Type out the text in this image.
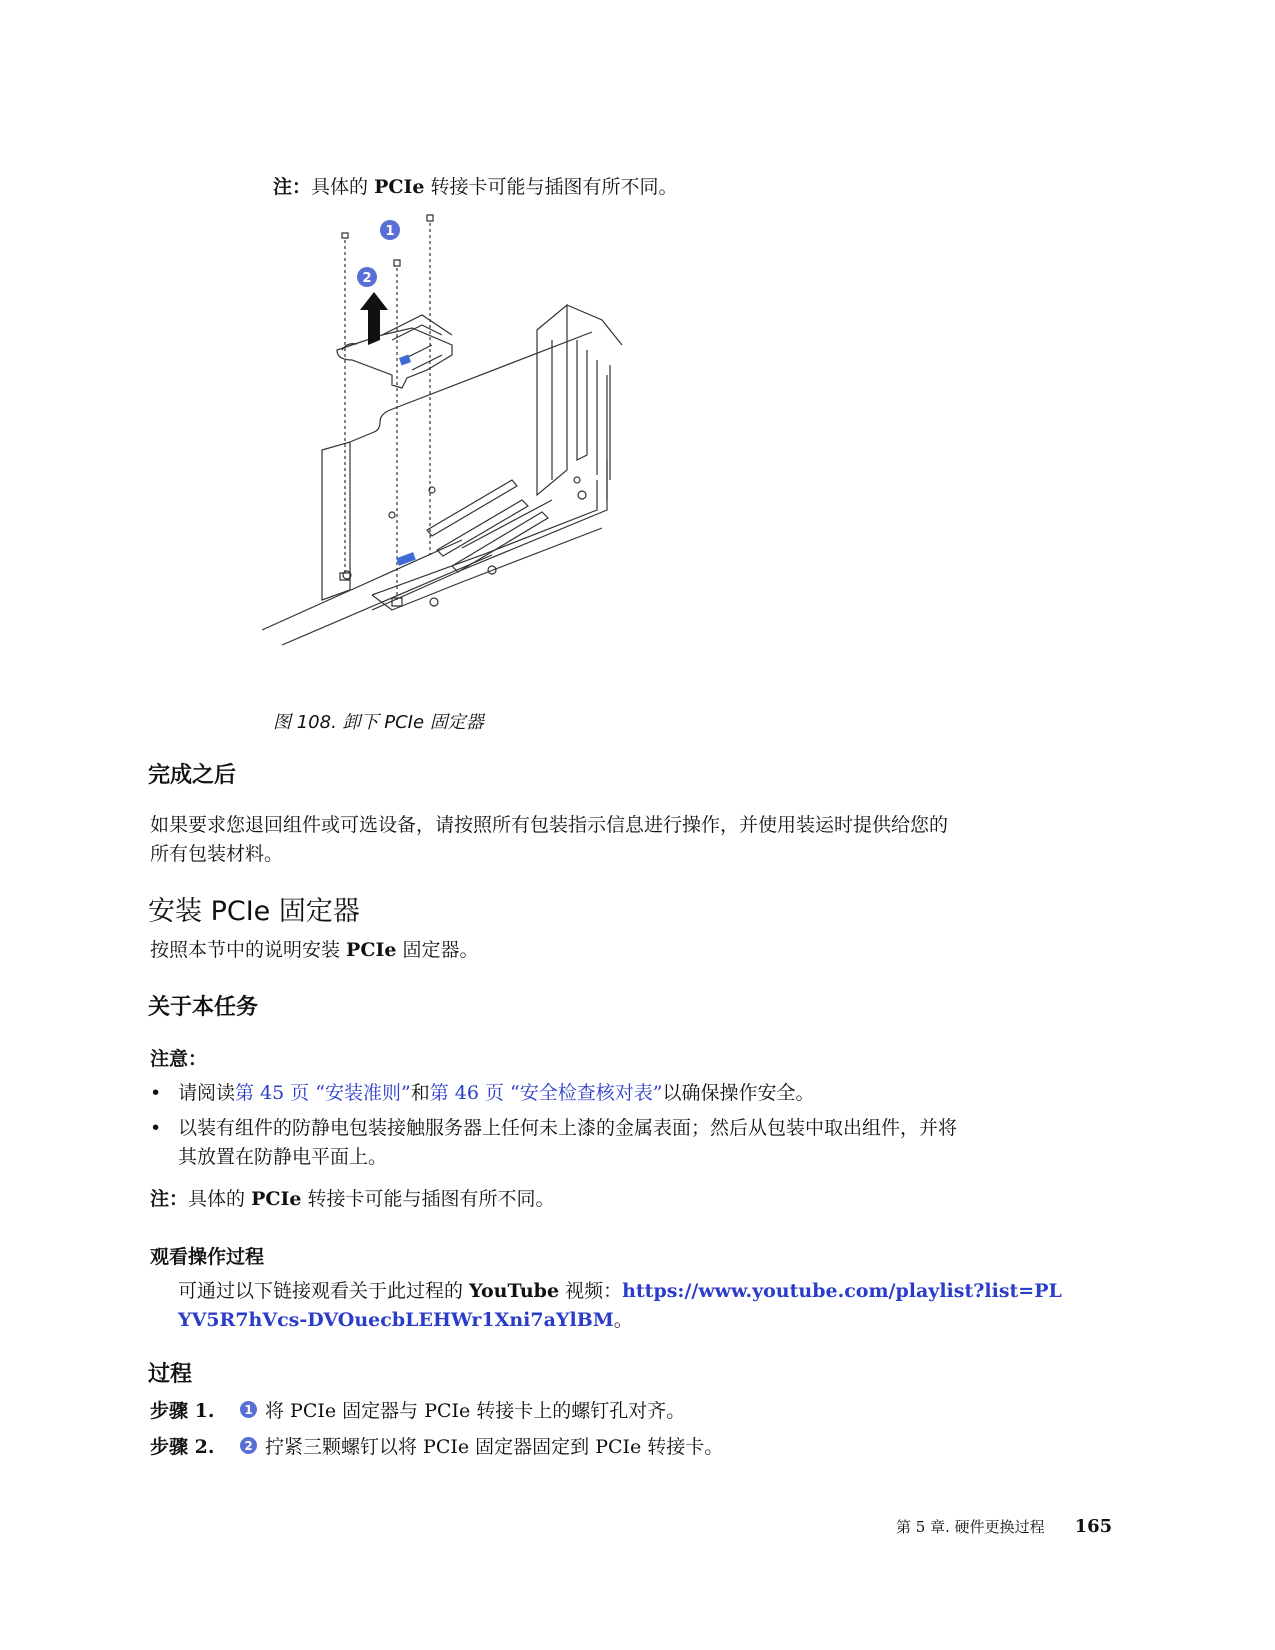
注：具体的 PCIe 转接卡可能与插图有所不同。
1
2
图 108. 卸下 PCIe 固定器
完成之后
如果要求您退回组件或可选设备，请按照所有包装指示信息进行操作，并使用装运时提供给您的
所有包装材料。
安装 PCIe 固定器
按照本节中的说明安装 PCIe 固定器。
关于本任务
注意：
• 请阅读第 45 页 “安装准则”和第 46 页 “安全检查核对表”以确保操作安全。
• 以装有组件的防静电包装接触服务器上任何未上漆的金属表面；然后从包装中取出组件，并将
其放置在防静电平面上。
注：具体的 PCIe 转接卡可能与插图有所不同。
观看操作过程
可通过以下链接观看关于此过程的 YouTube 视频：https://www.youtube.com/playlist?list=PL
YV5R7hVcs-DVOuecbLEHWr1Xni7aYlBM。
过程
步骤 1.	1 将 PCIe 固定器与 PCIe 转接卡上的螺钉孔对齐。
步骤 2.	2 拧紧三颗螺钉以将 PCIe 固定器固定到 PCIe 转接卡。
第 5 章. 硬件更换过程 165
